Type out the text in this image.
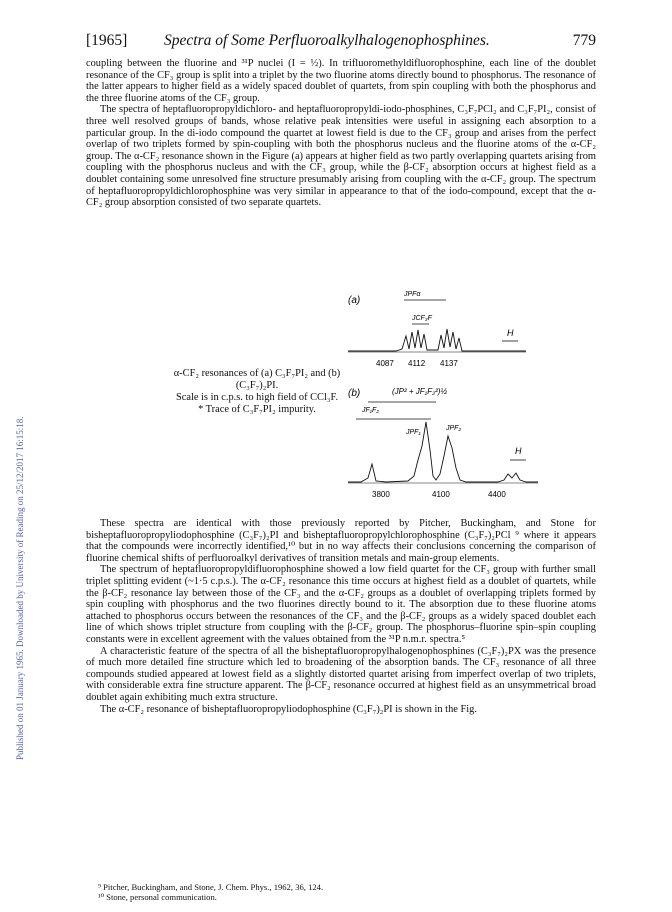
Published on 01 January 1965. Downloaded by University of Reading on 25/12/2017 16:15:18.
[1965] Spectra of Some Perfluoroalkylhalogenophosphines.	779

coupling between the fluorine and ³¹P nuclei (I = ½). In trifluoromethyldifluorophosphine, each line of the doublet resonance of the CF₃ group is split into a triplet by the two fluorine atoms directly bound to phosphorus. The resonance of the latter appears to higher field as a widely spaced doublet of quartets, from spin coupling with both the phosphorus and the three fluorine atoms of the CF₃ group.

The spectra of heptafluoropropyldichloro- and heptafluoropropyldi-iodo-phosphines, C₃F₇PCl₂ and C₃F₇PI₂, consist of three well resolved groups of bands, whose relative peak intensities were useful in assigning each absorption to a particular group. In the di-iodo compound the quartet at lowest field is due to the CF₃ group and arises from the perfect overlap of two triplets formed by spin-coupling with both the phosphorus nucleus and the fluorine atoms of the α-CF₂ group. The α-CF₂ resonance shown in the Figure (a) appears at higher field as two partly overlapping quartets arising from coupling with the phosphorus nucleus and with the CF₃ group, while the β-CF₂ absorption occurs at highest field as a doublet containing some unresolved fine structure presumably arising from coupling with the α-CF₂ group. The spectrum of heptafluoropropyldichlorophosphine was very similar in appearance to that of the iodo-compound, except that the α-CF₂ group absorption consisted of two separate quartets.

(a)
JPFα
JCF₃F
H
4087 4112 4137
(b)	(JP² + JF₁F₂²)½
JF₁F₂
JPF₁
JPF₂
H
3800	4100	4400
α-CF₂ resonances of (a) C₃F₇PI₂ and (b)
(C₃F₇)₂PI.
Scale is in c.p.s. to high field of CCl₃F.
* Trace of C₃F₇PI₂ impurity.

These spectra are identical with those previously reported by Pitcher, Buckingham, and Stone for bisheptafluoropropyliodophosphine (C₃F₇)₂PI and bisheptafluoropropylchlorophosphine (C₃F₇)₂PCl ⁹ where it appears that the compounds were incorrectly identified,¹⁰ but in no way affects their conclusions concerning the comparison of fluorine chemical shifts of perfluoroalkyl derivatives of transition metals and main-group elements.

The spectrum of heptafluoropropyldifluorophosphine showed a low field quartet for the CF₃ group with further small triplet splitting evident (~1·5 c.p.s.). The α-CF₂ resonance this time occurs at highest field as a doublet of quartets, while the β-CF₂ resonance lay between those of the CF₃ and the α-CF₂ groups as a doublet of overlapping triplets formed by spin coupling with phosphorus and the two fluorines directly bound to it. The absorption due to these fluorine atoms attached to phosphorus occurs between the resonances of the CF₃ and the β-CF₂ groups as a widely spaced doublet each line of which shows triplet structure from coupling with the β-CF₂ group. The phosphorus–fluorine spin–spin coupling constants were in excellent agreement with the values obtained from the ³¹P n.m.r. spectra.⁵

A characteristic feature of the spectra of all the bisheptafluoropropylhalogenophosphines (C₃F₇)₂PX was the presence of much more detailed fine structure which led to broadening of the absorption bands. The CF₃ resonance of all three compounds studied appeared at lowest field as a slightly distorted quartet arising from imperfect overlap of two triplets, with considerable extra fine structure apparent. The β-CF₂ resonance occurred at highest field as an unsymmetrical broad doublet again exhibiting much extra structure.

The α-CF₂ resonance of bisheptafluoropropyliodophosphine (C₃F₇)₂PI is shown in the Fig.

⁹ Pitcher, Buckingham, and Stone, J. Chem. Phys., 1962, 36, 124.
¹⁰ Stone, personal communication.
